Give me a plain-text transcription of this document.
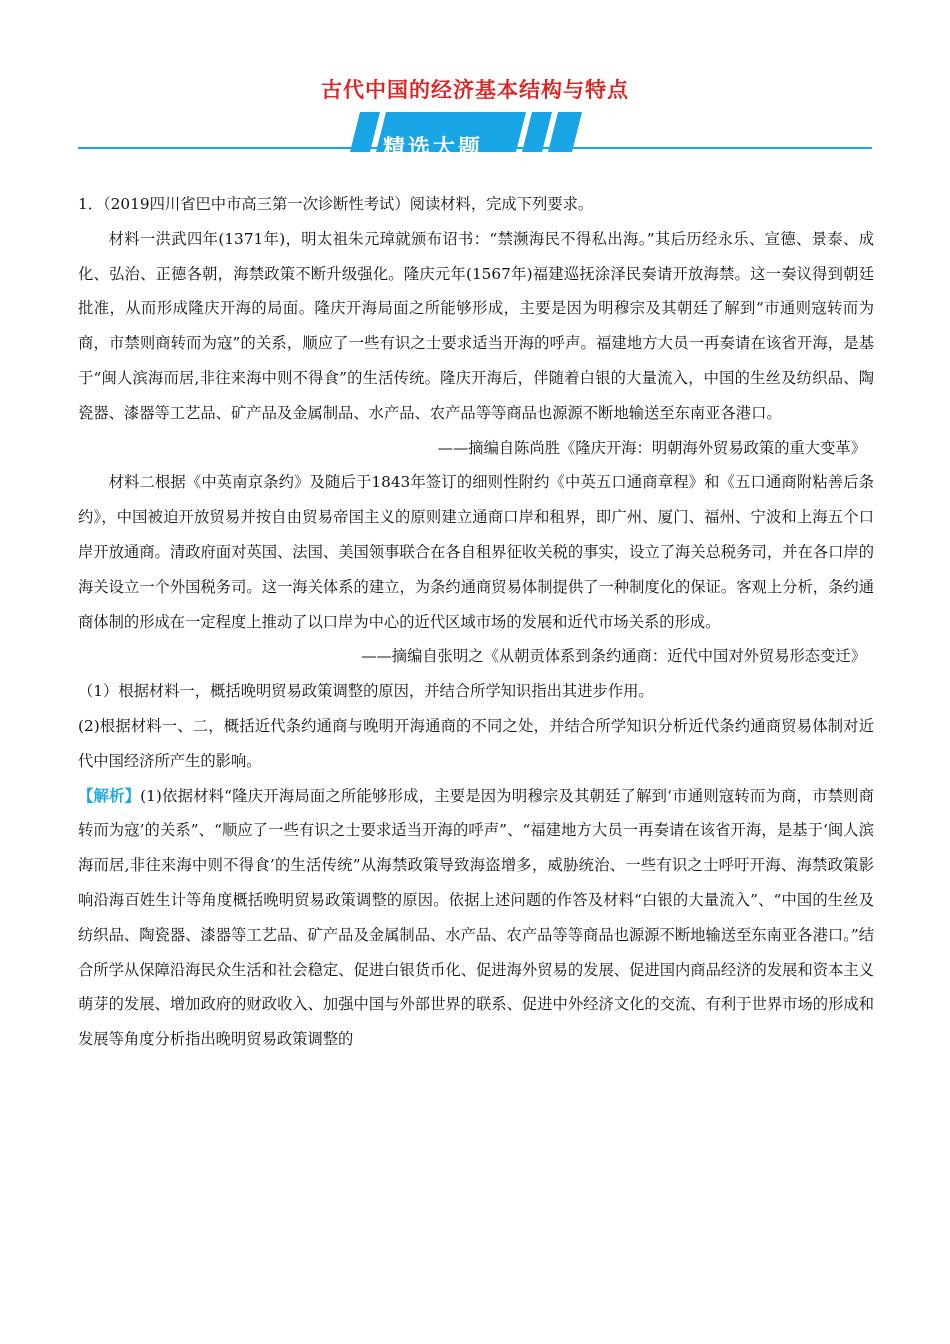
古代中国的经济基本结构与特点

1．（2019四川省巴中市高三第一次诊断性考试）阅读材料，完成下列要求。

材料一洪武四年(1371年)，明太祖朱元璋就颁布诏书：“禁濒海民不得私出海。”其后历经永乐、宣德、景泰、成化、弘治、正德各朝，海禁政策不断升级强化。隆庆元年(1567年)福建巡抚涂泽民奏请开放海禁。这一奏议得到朝廷批准，从而形成隆庆开海的局面。隆庆开海局面之所能够形成，主要是因为明穆宗及其朝廷了解到“市通则寇转而为商，市禁则商转而为寇”的关系，顺应了一些有识之士要求适当开海的呼声。福建地方大员一再奏请在该省开海，是基于“闽人滨海而居,非往来海中则不得食”的生活传统。隆庆开海后，伴随着白银的大量流入，中国的生丝及纺织品、陶瓷器、漆器等工艺品、矿产品及金属制品、水产品、农产品等等商品也源源不断地输送至东南亚各港口。

——摘编自陈尚胜《隆庆开海：明朝海外贸易政策的重大变革》

材料二根据《中英南京条约》及随后于1843年签订的细则性附约《中英五口通商章程》和《五口通商附粘善后条约》，中国被迫开放贸易并按自由贸易帝国主义的原则建立通商口岸和租界，即广州、厦门、福州、宁波和上海五个口岸开放通商。清政府面对英国、法国、美国领事联合在各自租界征收关税的事实，设立了海关总税务司，并在各口岸的海关设立一个外国税务司。这一海关体系的建立，为条约通商贸易体制提供了一种制度化的保证。客观上分析，条约通商体制的形成在一定程度上推动了以口岸为中心的近代区域市场的发展和近代市场关系的形成。

——摘编自张明之《从朝贡体系到条约通商：近代中国对外贸易形态变迁》

（1）根据材料一，概括晚明贸易政策调整的原因，并结合所学知识指出其进步作用。

(2)根据材料一、二，概括近代条约通商与晚明开海通商的不同之处，并结合所学知识分析近代条约通商贸易体制对近代中国经济所产生的影响。

【解析】(1)依据材料“隆庆开海局面之所能够形成，主要是因为明穆宗及其朝廷了解到‘市通则寇转而为商，市禁则商转而为寇’的关系”、“顺应了一些有识之士要求适当开海的呼声”、“福建地方大员一再奏请在该省开海，是基于‘闽人滨海而居,非往来海中则不得食’的生活传统”从海禁政策导致海盗增多，威胁统治、一些有识之士呼吁开海、海禁政策影响沿海百姓生计等角度概括晚明贸易政策调整的原因。依据上述问题的作答及材料“白银的大量流入”、“中国的生丝及纺织品、陶瓷器、漆器等工艺品、矿产品及金属制品、水产品、农产品等等商品也源源不断地输送至东南亚各港口。”结合所学从保障沿海民众生活和社会稳定、促进白银货币化、促进海外贸易的发展、促进国内商品经济的发展和资本主义萌芽的发展、增加政府的财政收入、加强中国与外部世界的联系、促进中外经济文化的交流、有利于世界市场的形成和发展等角度分析指出晚明贸易政策调整的
